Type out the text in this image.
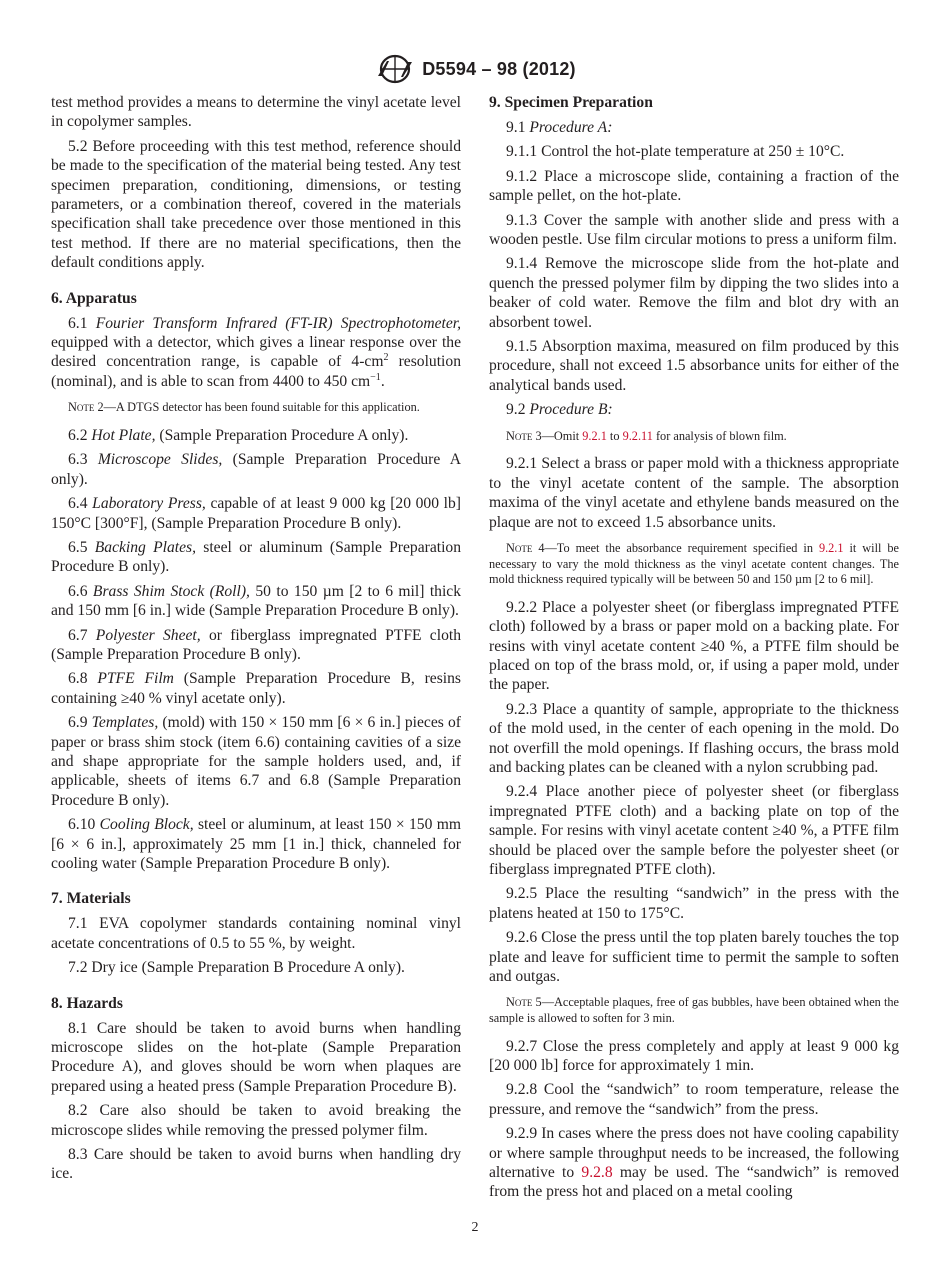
D5594 – 98 (2012)

test method provides a means to determine the vinyl acetate level in copolymer samples.

5.2 Before proceeding with this test method, reference should be made to the specification of the material being tested. Any test specimen preparation, conditioning, dimensions, or testing parameters, or a combination thereof, covered in the materials specification shall take precedence over those mentioned in this test method. If there are no material specifications, then the default conditions apply.

6. Apparatus

6.1 Fourier Transform Infrared (FT-IR) Spectrophotometer, equipped with a detector, which gives a linear response over the desired concentration range, is capable of $4-cm^2$ resolution (nominal), and is able to scan from 4400 to 450 $cm^{-1}$.

Note 2—A DTGS detector has been found suitable for this application.

6.2 Hot Plate, (Sample Preparation Procedure A only).

6.3 Microscope Slides, (Sample Preparation Procedure A only).

6.4 Laboratory Press, capable of at least 9 000 kg [20 000 lb] 150°C [300°F], (Sample Preparation Procedure B only).

6.5 Backing Plates, steel or aluminum (Sample Preparation Procedure B only).

6.6 Brass Shim Stock (Roll), 50 to 150 µm [2 to 6 mil] thick and 150 mm [6 in.] wide (Sample Preparation Procedure B only).

6.7 Polyester Sheet, or fiberglass impregnated PTFE cloth (Sample Preparation Procedure B only).

6.8 PTFE Film (Sample Preparation Procedure B, resins containing ≥40 % vinyl acetate only).

6.9 Templates, (mold) with 150 × 150 mm [6 × 6 in.] pieces of paper or brass shim stock (item 6.6) containing cavities of a size and shape appropriate for the sample holders used, and, if applicable, sheets of items 6.7 and 6.8 (Sample Preparation Procedure B only).

6.10 Cooling Block, steel or aluminum, at least 150 × 150 mm [6 × 6 in.], approximately 25 mm [1 in.] thick, channeled for cooling water (Sample Preparation Procedure B only).

7. Materials

7.1 EVA copolymer standards containing nominal vinyl acetate concentrations of 0.5 to 55 %, by weight.

7.2 Dry ice (Sample Preparation B Procedure A only).

8. Hazards

8.1 Care should be taken to avoid burns when handling microscope slides on the hot-plate (Sample Preparation Procedure A), and gloves should be worn when plaques are prepared using a heated press (Sample Preparation Procedure B).

8.2 Care also should be taken to avoid breaking the microscope slides while removing the pressed polymer film.

8.3 Care should be taken to avoid burns when handling dry ice.

9. Specimen Preparation

9.1 Procedure A:

9.1.1 Control the hot-plate temperature at 250 ± 10°C.

9.1.2 Place a microscope slide, containing a fraction of the sample pellet, on the hot-plate.

9.1.3 Cover the sample with another slide and press with a wooden pestle. Use film circular motions to press a uniform film.

9.1.4 Remove the microscope slide from the hot-plate and quench the pressed polymer film by dipping the two slides into a beaker of cold water. Remove the film and blot dry with an absorbent towel.

9.1.5 Absorption maxima, measured on film produced by this procedure, shall not exceed 1.5 absorbance units for either of the analytical bands used.

9.2 Procedure B:

Note 3—Omit 9.2.1 to 9.2.11 for analysis of blown film.

9.2.1 Select a brass or paper mold with a thickness appropriate to the vinyl acetate content of the sample. The absorption maxima of the vinyl acetate and ethylene bands measured on the plaque are not to exceed 1.5 absorbance units.

Note 4—To meet the absorbance requirement specified in 9.2.1 it will be necessary to vary the mold thickness as the vinyl acetate content changes. The mold thickness required typically will be between 50 and 150 µm [2 to 6 mil].

9.2.2 Place a polyester sheet (or fiberglass impregnated PTFE cloth) followed by a brass or paper mold on a backing plate. For resins with vinyl acetate content ≥40 %, a PTFE film should be placed on top of the brass mold, or, if using a paper mold, under the paper.

9.2.3 Place a quantity of sample, appropriate to the thickness of the mold used, in the center of each opening in the mold. Do not overfill the mold openings. If flashing occurs, the brass mold and backing plates can be cleaned with a nylon scrubbing pad.

9.2.4 Place another piece of polyester sheet (or fiberglass impregnated PTFE cloth) and a backing plate on top of the sample. For resins with vinyl acetate content ≥40 %, a PTFE film should be placed over the sample before the polyester sheet (or fiberglass impregnated PTFE cloth).

9.2.5 Place the resulting “sandwich” in the press with the platens heated at 150 to 175°C.

9.2.6 Close the press until the top platen barely touches the top plate and leave for sufficient time to permit the sample to soften and outgas.

Note 5—Acceptable plaques, free of gas bubbles, have been obtained when the sample is allowed to soften for 3 min.

9.2.7 Close the press completely and apply at least 9 000 kg [20 000 lb] force for approximately 1 min.

9.2.8 Cool the “sandwich” to room temperature, release the pressure, and remove the “sandwich” from the press.

9.2.9 In cases where the press does not have cooling capability or where sample throughput needs to be increased, the following alternative to 9.2.8 may be used. The “sandwich” is removed from the press hot and placed on a metal cooling

2
